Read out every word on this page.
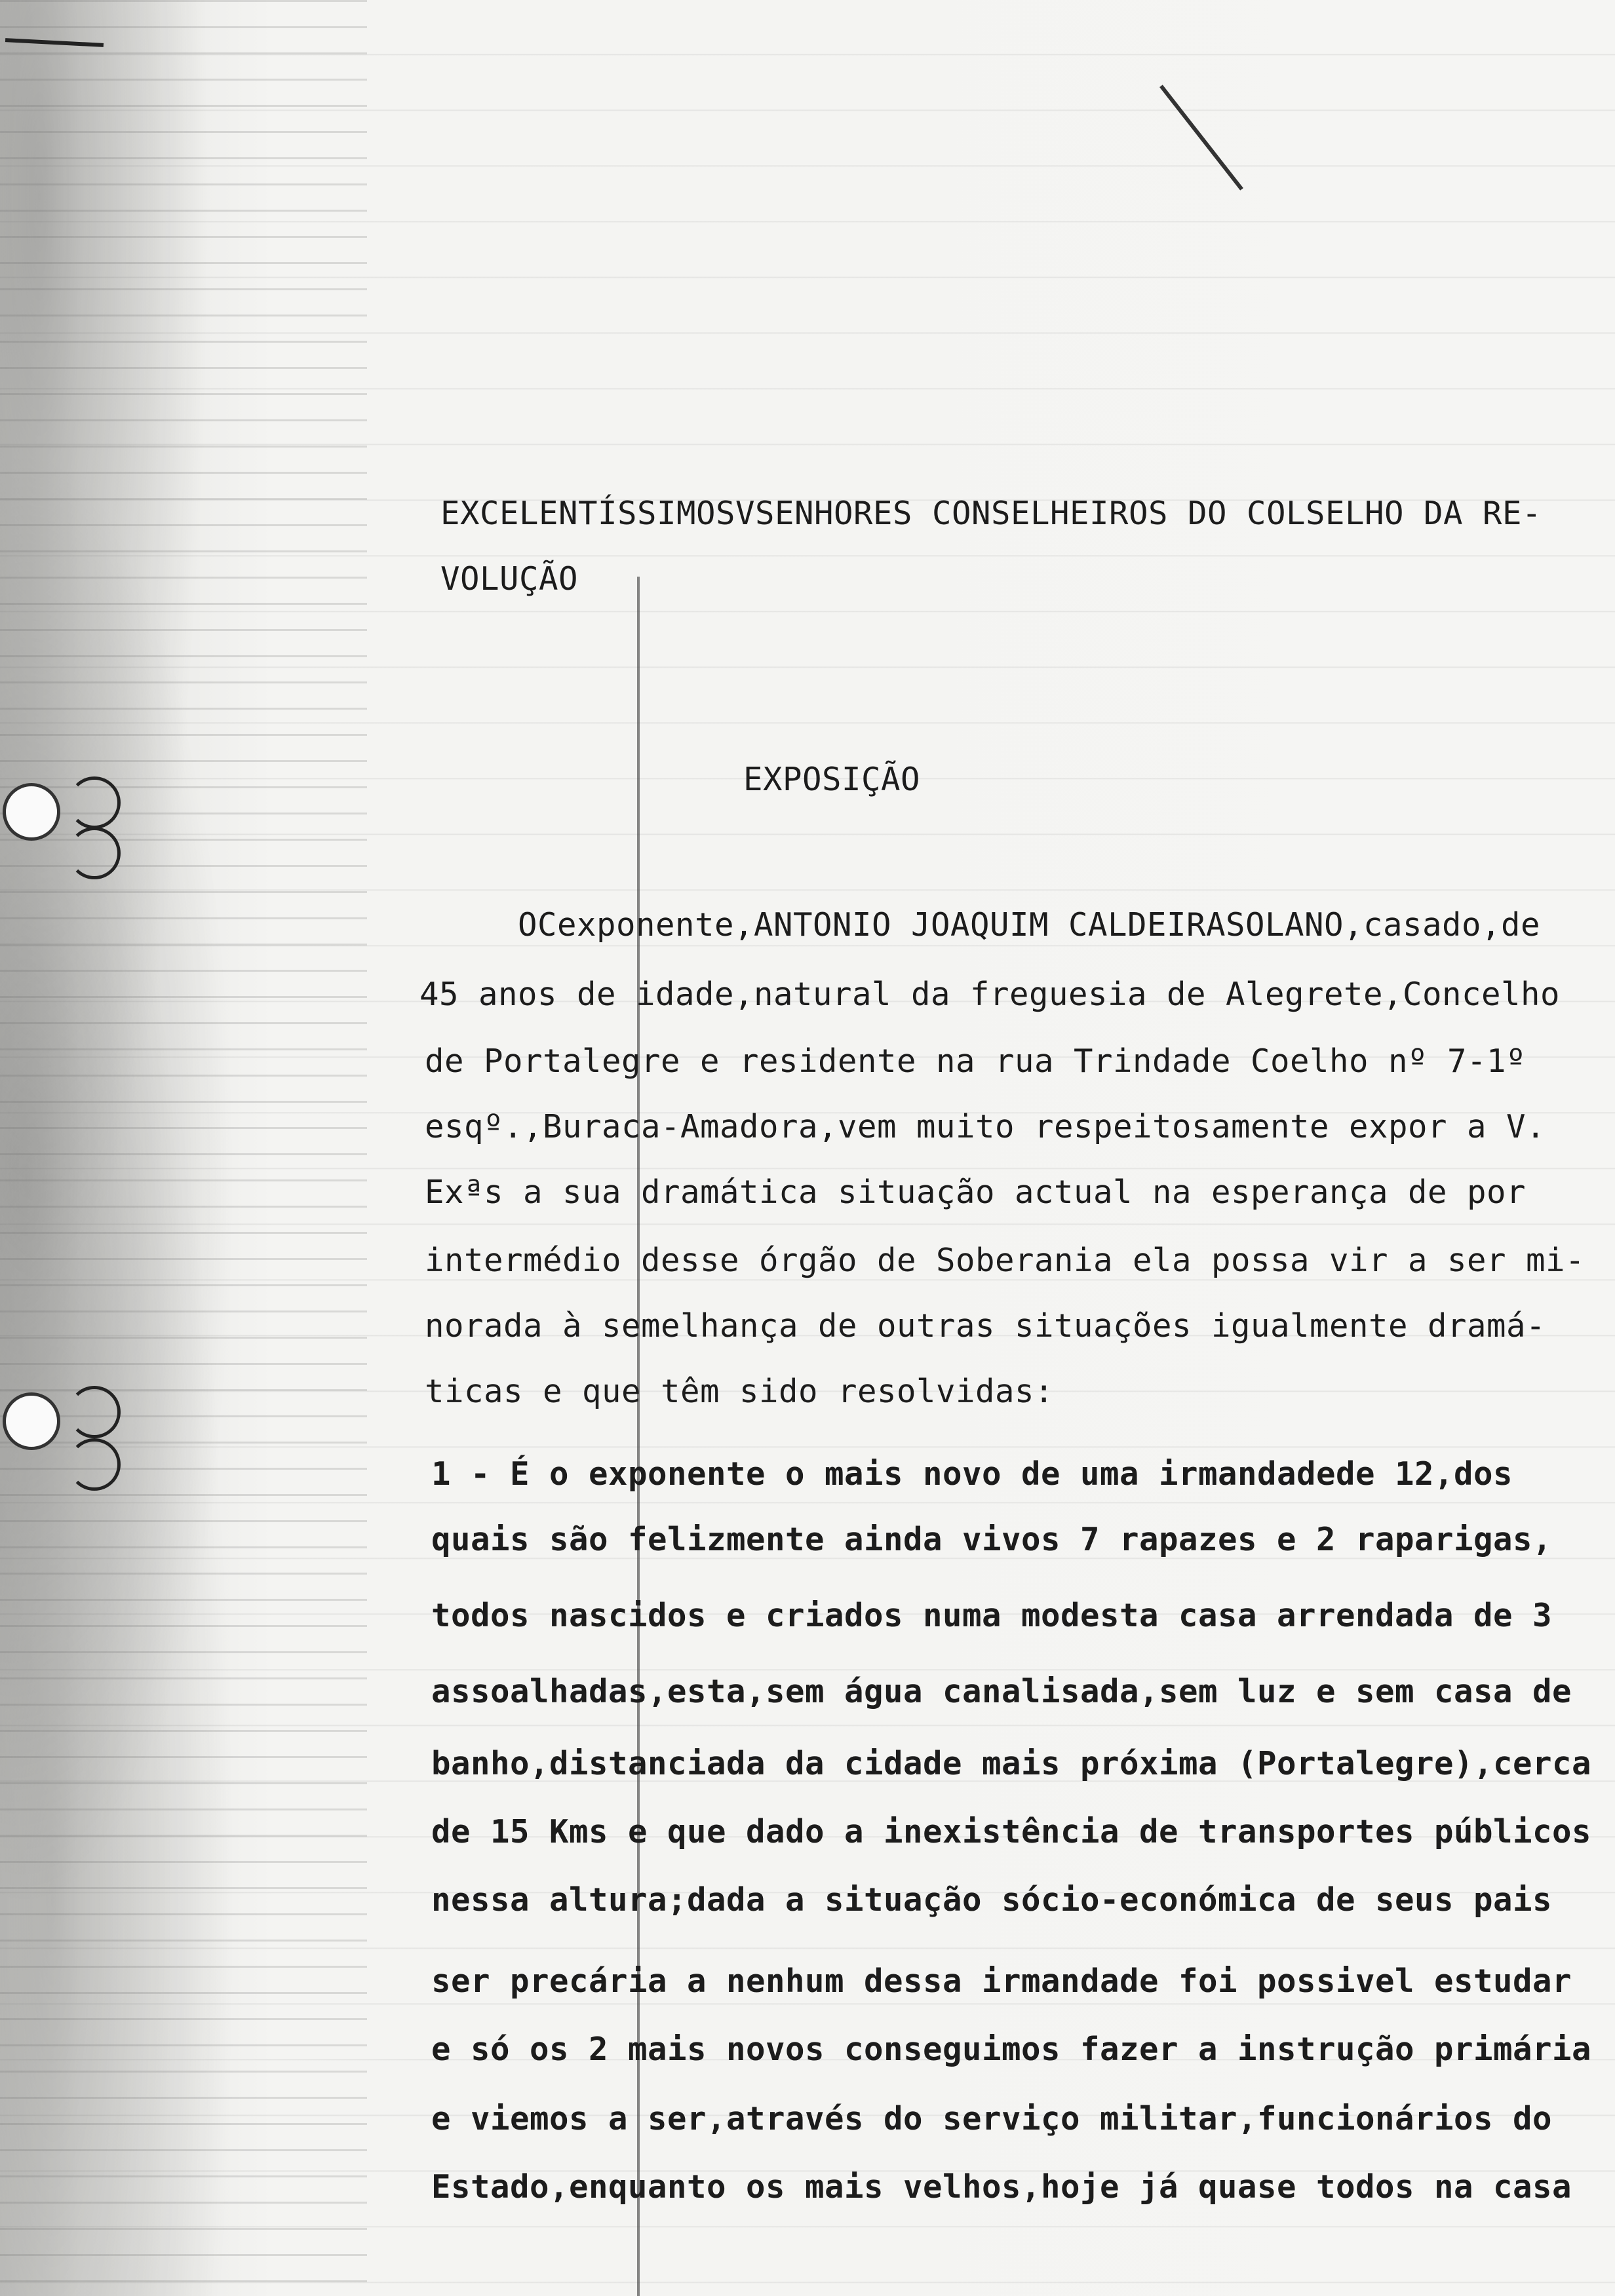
EXCELENTÍSSIMOSVSENHORES CONSELHEIROS DO COLSELHO DA RE-
VOLUÇÃO
EXPOSIÇÃO
OCexponente,ANTONIO JOAQUIM CALDEIRASOLANO,casado,de
45 anos de idade,natural da freguesia de Alegrete,Concelho
de Portalegre e residente na rua Trindade Coelho nº 7-1º
esqº.,Buraca-Amadora,vem muito respeitosamente expor a V.
Exªs a sua dramática situação actual na esperança de por
intermédio desse órgão de Soberania ela possa vir a ser mi-
norada à semelhança de outras situações igualmente dramá-
ticas e que têm sido resolvidas:
1 - É o exponente o mais novo de uma irmandadede 12,dos
quais são felizmente ainda vivos 7 rapazes e 2 raparigas,
todos nascidos e criados numa modesta casa arrendada de 3
assoalhadas,esta,sem água canalisada,sem luz e sem casa de
banho,distanciada da cidade mais próxima (Portalegre),cerca
de 15 Kms e que dado a inexistência de transportes públicos
nessa altura;dada a situação sócio-económica de seus pais
ser precária a nenhum dessa irmandade foi possivel estudar
e só os 2 mais novos conseguimos fazer a instrução primária
e viemos a ser,através do serviço militar,funcionários do
Estado,enquanto os mais velhos,hoje já quase todos na casa
